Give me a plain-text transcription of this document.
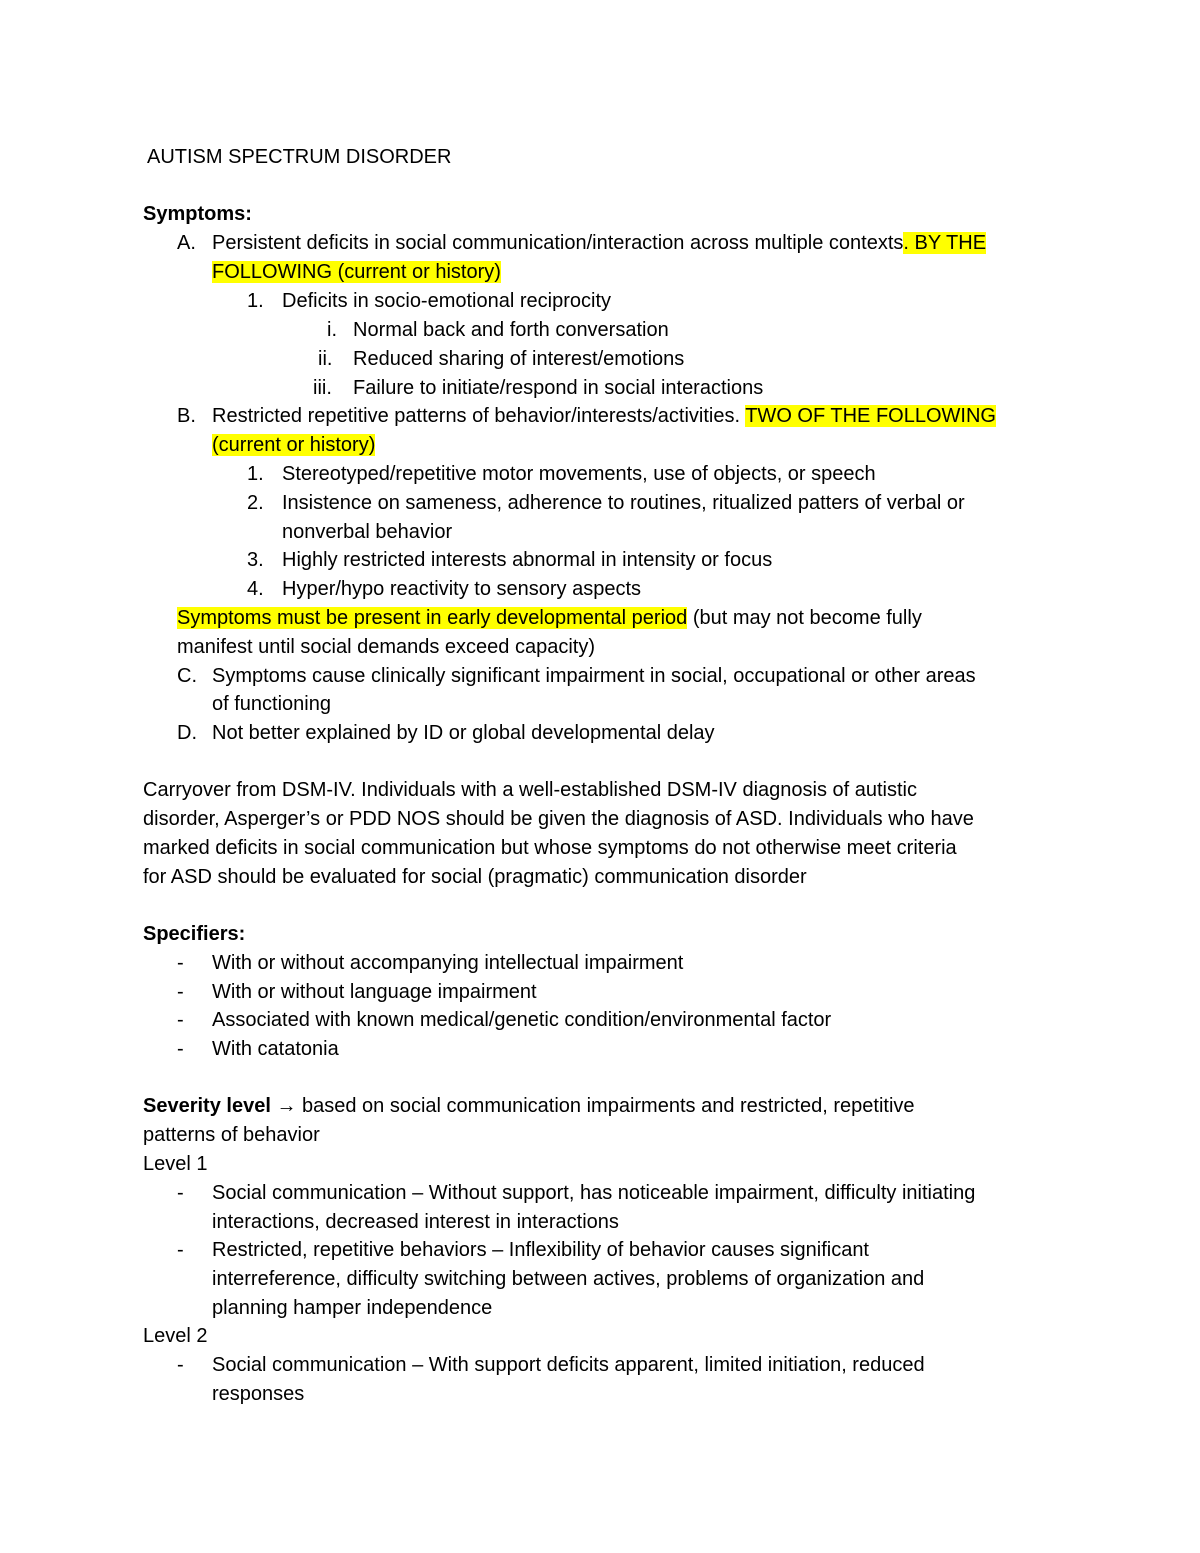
AUTISM SPECTRUM DISORDER
Symptoms:
A. Persistent deficits in social communication/interaction across multiple contexts. BY THE
FOLLOWING (current or history)
1. Deficits in socio-emotional reciprocity
i. Normal back and forth conversation
ii. Reduced sharing of interest/emotions
iii. Failure to initiate/respond in social interactions
B. Restricted repetitive patterns of behavior/interests/activities. TWO OF THE FOLLOWING
(current or history)
1. Stereotyped/repetitive motor movements, use of objects, or speech
2. Insistence on sameness, adherence to routines, ritualized patters of verbal or
nonverbal behavior
3. Highly restricted interests abnormal in intensity or focus
4. Hyper/hypo reactivity to sensory aspects
Symptoms must be present in early developmental period (but may not become fully
manifest until social demands exceed capacity)
C. Symptoms cause clinically significant impairment in social, occupational or other areas
of functioning
D. Not better explained by ID or global developmental delay
Carryover from DSM-IV. Individuals with a well-established DSM-IV diagnosis of autistic
disorder, Asperger’s or PDD NOS should be given the diagnosis of ASD. Individuals who have
marked deficits in social communication but whose symptoms do not otherwise meet criteria
for ASD should be evaluated for social (pragmatic) communication disorder
Specifiers:
- With or without accompanying intellectual impairment
- With or without language impairment
- Associated with known medical/genetic condition/environmental factor
- With catatonia
Severity level → based on social communication impairments and restricted, repetitive
patterns of behavior
Level 1
- Social communication – Without support, has noticeable impairment, difficulty initiating
interactions, decreased interest in interactions
- Restricted, repetitive behaviors – Inflexibility of behavior causes significant
interreference, difficulty switching between actives, problems of organization and
planning hamper independence
Level 2
- Social communication – With support deficits apparent, limited initiation, reduced
responses
